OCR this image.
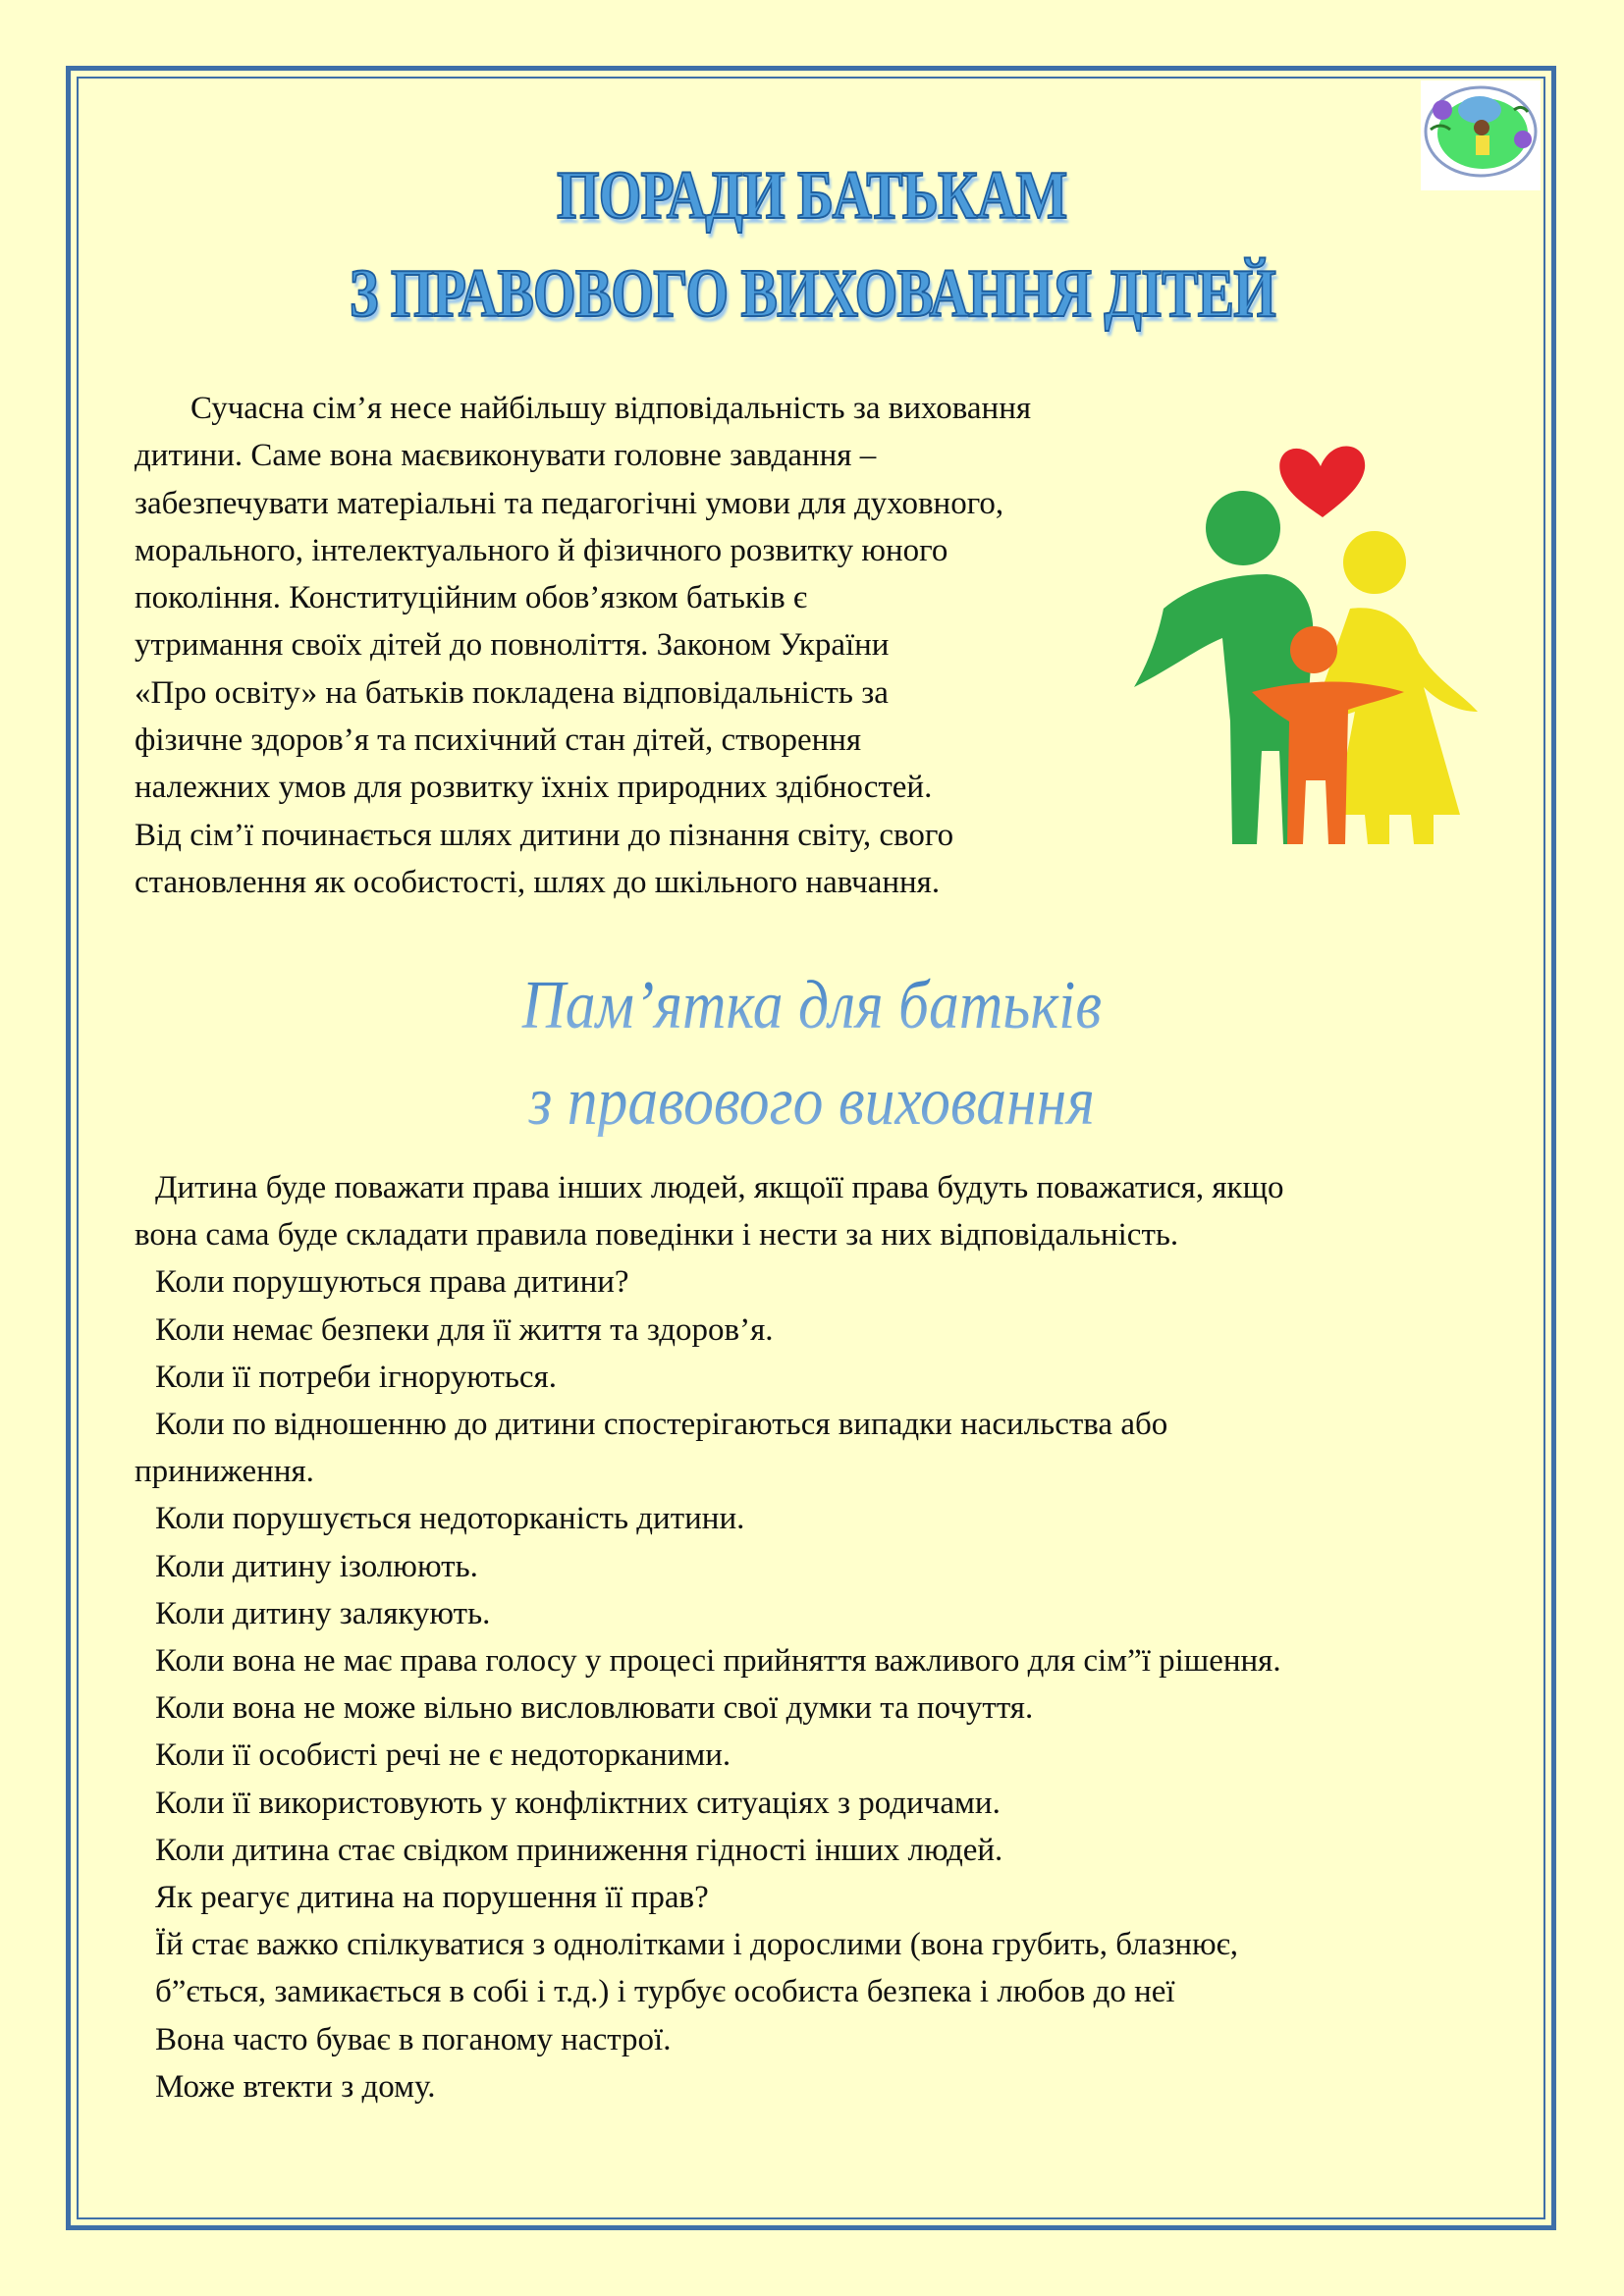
ПОРАДИ БАТЬКАМ
З ПРАВОВОГО ВИХОВАННЯ ДІТЕЙ
Сучасна сім’я несе найбільшу відповідальність за виховання
дитини. Саме вона маєвиконувати головне завдання –
забезпечувати матеріальні та педагогічні умови для духовного,
морального, інтелектуального й фізичного розвитку юного
покоління. Конституційним обов’язком батьків є
утримання своїх дітей до повноліття. Законом України
«Про освіту» на батьків покладена відповідальність за
фізичне здоров’я та психічний стан дітей, створення
належних умов для розвитку їхніх природних здібностей.
Від сім’ї починається шлях дитини до пізнання світу, свого
становлення як особистості, шлях до шкільного навчання.
Пам’ятка для батьків
з правового виховання
Дитина буде поважати права інших людей, якщоїї права будуть поважатися, якщо
вона сама буде складати правила поведінки і нести за них відповідальність.
Коли порушуються права дитини?
Коли немає безпеки для її життя та здоров’я.
Коли її потреби ігноруються.
Коли по відношенню до дитини спостерігаються випадки насильства або
приниження.
Коли порушується недоторканість дитини.
Коли дитину ізолюють.
Коли дитину залякують.
Коли вона не має права голосу у процесі прийняття важливого для сім”ї рішення.
Коли вона не може вільно висловлювати свої думки та почуття.
Коли її особисті речі не є недоторканими.
Коли її використовують у конфліктних ситуаціях з родичами.
Коли дитина стає свідком приниження гідності інших людей.
Як реагує дитина на порушення її прав?
Їй стає важко спілкуватися з однолітками і дорослими (вона грубить, блазнює,
б”ється, замикається в собі і т.д.) і турбує особиста безпека і любов до неї
Вона часто буває в поганому настрої.
Може втекти з дому.
